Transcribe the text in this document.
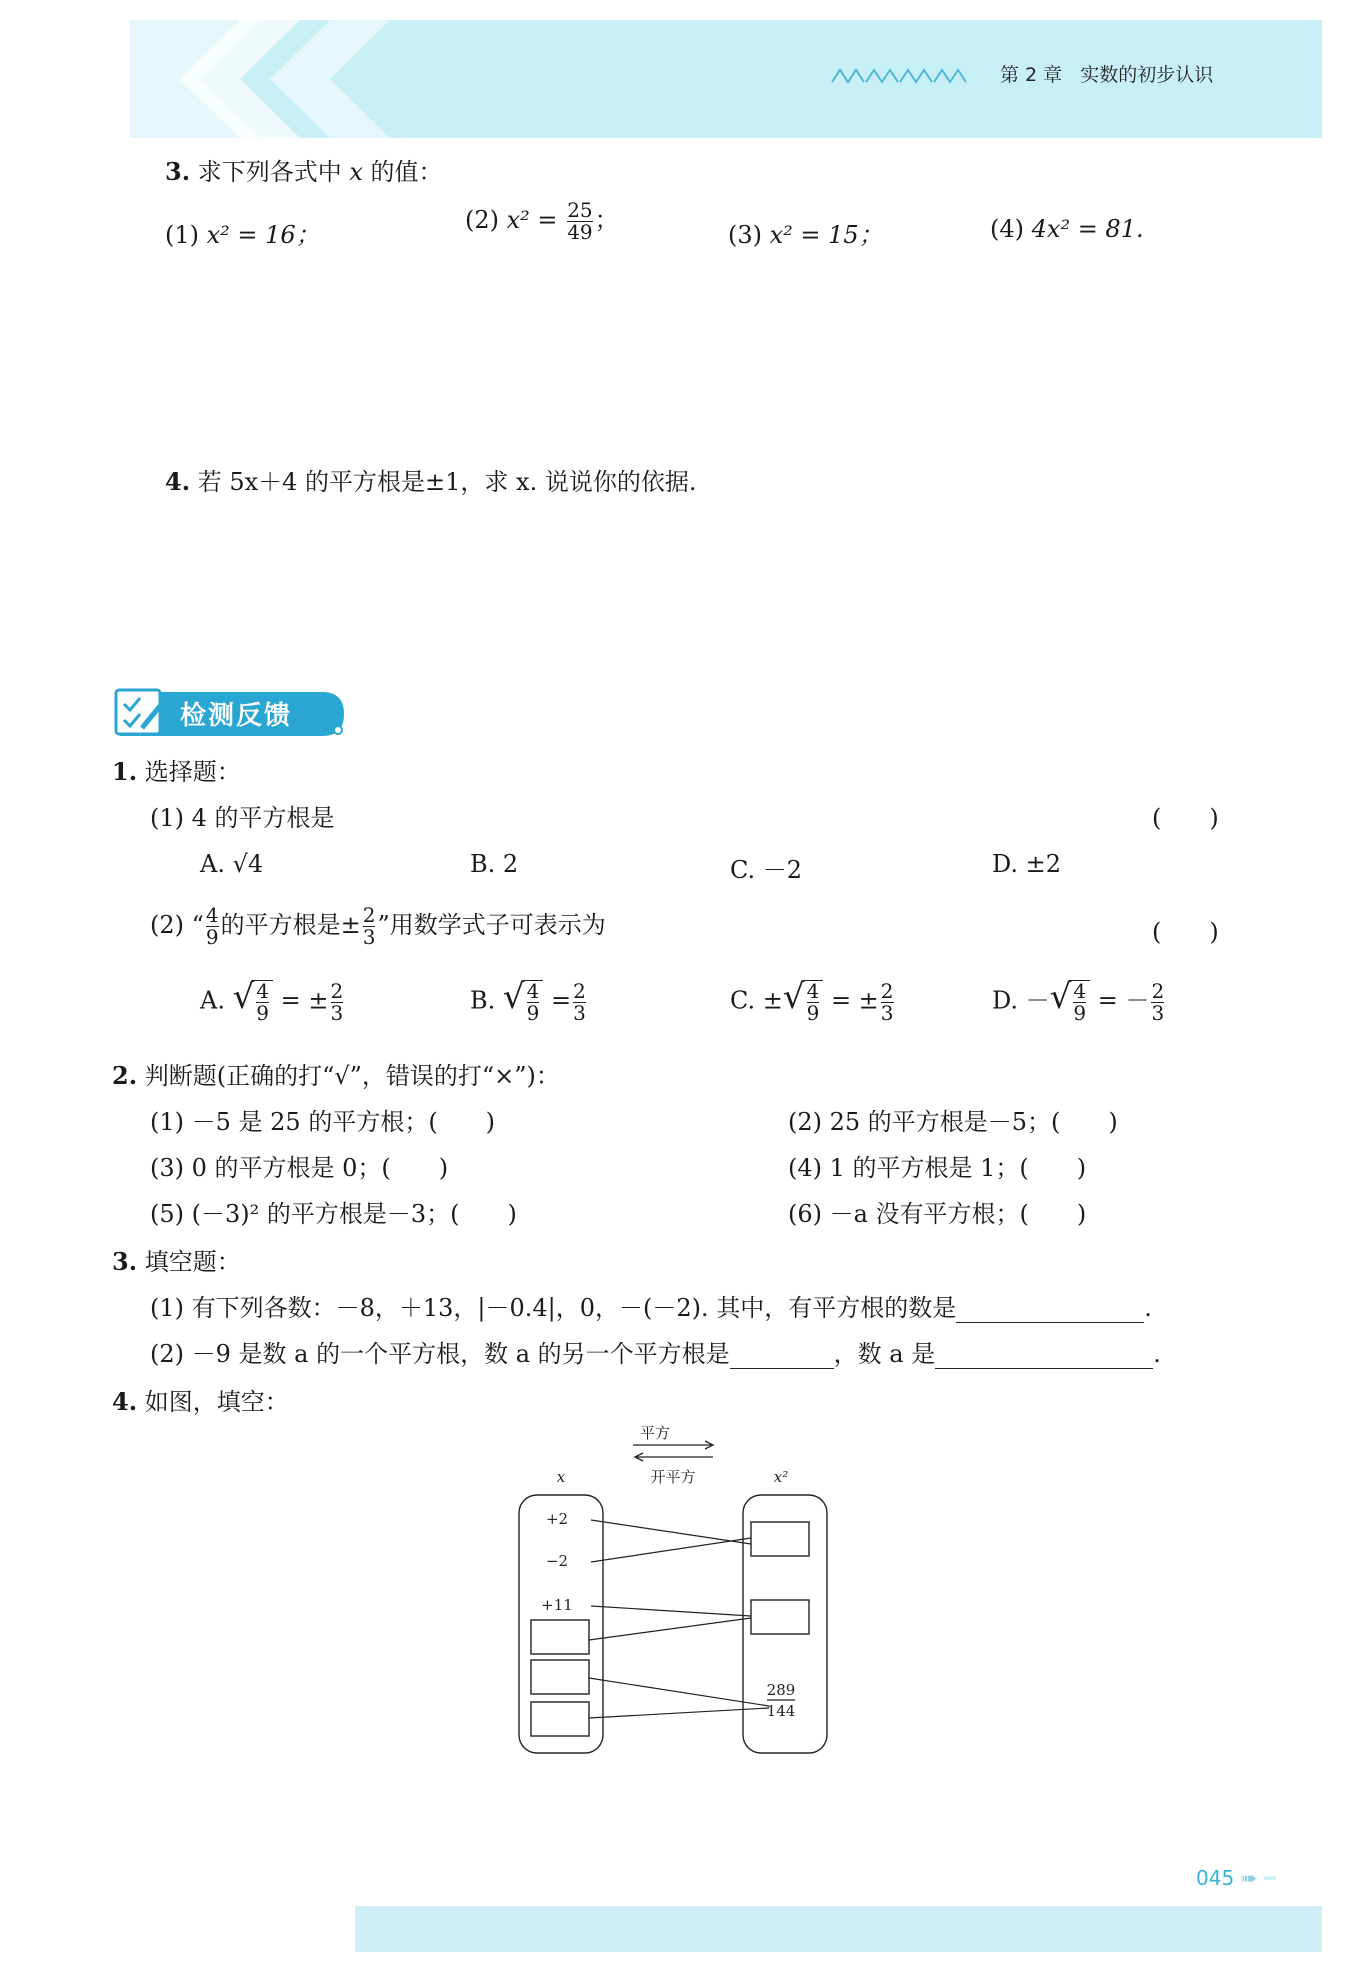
第 2 章 实数的初步认识
3. 求下列各式中 x 的值：
(1) x² = 16；
(2) $x^2 = \frac{25}{49}$ ；
(3) x² = 15；	(4) 4x² = 81.
4. 若 5x＋4 的平方根是±1，求 x. 说说你的依据.
检测反馈
1. 选择题：
(1) 4 的平方根是	(　　)
A. √4	B. 2	C. －2	D. ±2
(2) “ $\frac{4}{9}$ 的平方根是± $\frac{2}{3}$ ”用数学式子可表示为	(　　)
A. √ $\frac{4}{9}$ = ± $\frac{2}{3}$	B. √ $\frac{4}{9} = \frac{2}{3}$	C. ± √ $\frac{4}{9}$ = ± $\frac{2}{3}$	D. － √ $\frac{4}{9}$ = － $\frac{2}{3}$
2. 判断题(正确的打“√”，错误的打“×”)：
(1) －5 是 25 的平方根；(　　)	(2) 25 的平方根是－5；(　　)
(3) 0 的平方根是 0；(　　)	(4) 1 的平方根是 1；(　　)
(5) (－3)² 的平方根是－3；(　　)	(6) －a 没有平方根；(　　)
3. 填空题：
(1) 有下列各数：－8，＋13，|－0.4|，0，－(－2). 其中，有平方根的数是	.
(2) －9 是数 a 的一个平方根，数 a 的另一个平方根是	，数 a 是	.
4. 如图，填空：
平方
开平方
x	x²
+2
−2
+11
289
144
045 ➠ ━
